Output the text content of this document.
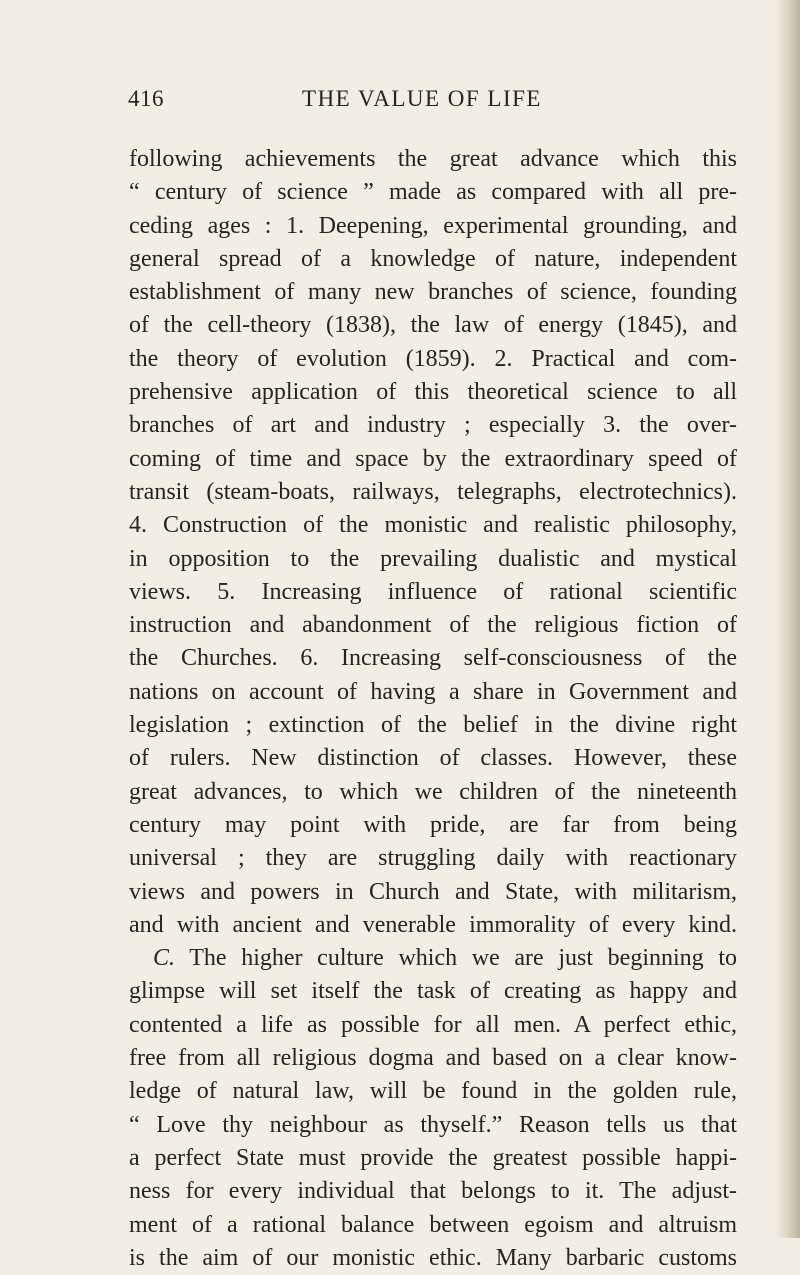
416	THE VALUE OF LIFE
following achievements the great advance which this
“ century of science ” made as compared with all pre-
ceding ages : 1. Deepening, experimental grounding, and
general spread of a knowledge of nature, independent
establishment of many new branches of science, founding
of the cell-theory (1838), the law of energy (1845), and
the theory of evolution (1859). 2. Practical and com-
prehensive application of this theoretical science to all
branches of art and industry ; especially 3. the over-
coming of time and space by the extraordinary speed of
transit (steam-boats, railways, telegraphs, electrotechnics).
4. Construction of the monistic and realistic philosophy,
in opposition to the prevailing dualistic and mystical
views. 5. Increasing influence of rational scientific
instruction and abandonment of the religious fiction of
the Churches. 6. Increasing self-consciousness of the
nations on account of having a share in Government and
legislation ; extinction of the belief in the divine right
of rulers. New distinction of classes. However, these
great advances, to which we children of the nineteenth
century may point with pride, are far from being
universal ; they are struggling daily with reactionary
views and powers in Church and State, with militarism,
and with ancient and venerable immorality of every kind.
C. The higher culture which we are just beginning to
glimpse will set itself the task of creating as happy and
contented a life as possible for all men. A perfect ethic,
free from all religious dogma and based on a clear know-
ledge of natural law, will be found in the golden rule,
“ Love thy neighbour as thyself.” Reason tells us that
a perfect State must provide the greatest possible happi-
ness for every individual that belongs to it. The adjust-
ment of a rational balance between egoism and altruism
is the aim of our monistic ethic. Many barbaric customs
